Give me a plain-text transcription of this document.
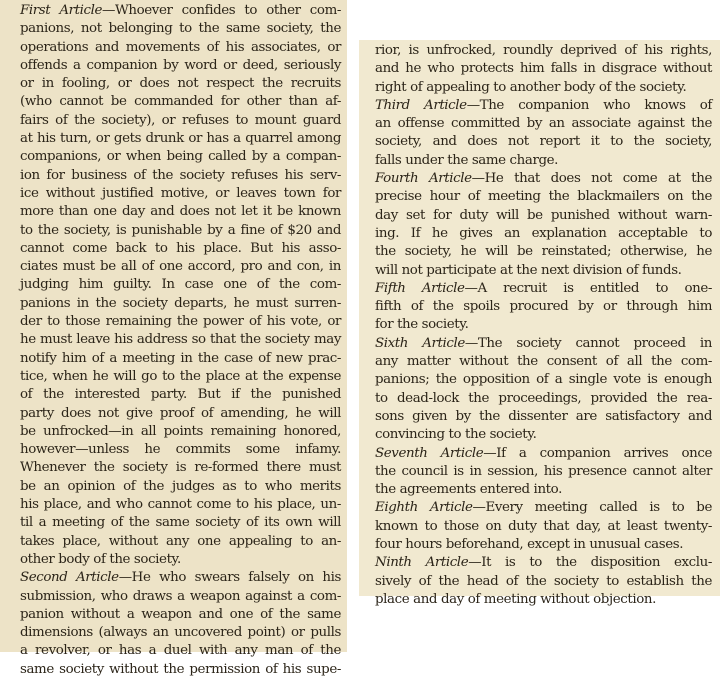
First Article—Whoever confides to other com-

panions, not belonging to the same society, the

operations and movements of his associates, or

offends a companion by word or deed, seriously

or in fooling, or does not respect the recruits

(who cannot be commanded for other than af-

fairs of the society), or refuses to mount guard

at his turn, or gets drunk or has a quarrel among

companions, or when being called by a compan-

ion for business of the society refuses his serv-

ice without justified motive, or leaves town for

more than one day and does not let it be known

to the society, is punishable by a fine of $20 and

cannot come back to his place. But his asso-

ciates must be all of one accord, pro and con, in

judging him guilty. In case one of the com-

panions in the society departs, he must surren-

der to those remaining the power of his vote, or

he must leave his address so that the society may

notify him of a meeting in the case of new prac-

tice, when he will go to the place at the expense

of the interested party. But if the punished

party does not give proof of amending, he will

be unfrocked—in all points remaining honored,

however—unless he commits some infamy.

Whenever the society is re-formed there must

be an opinion of the judges as to who merits

his place, and who cannot come to his place, un-

til a meeting of the same society of its own will

takes place, without any one appealing to an-

other body of the society.

Second Article—He who swears falsely on his

submission, who draws a weapon against a com-

panion without a weapon and one of the same

dimensions (always an uncovered point) or pulls

a revolver, or has a duel with any man of the

same society without the permission of his supe-

rior, is unfrocked, roundly deprived of his rights,

and he who protects him falls in disgrace without

right of appealing to another body of the society.

Third Article—The companion who knows of

an offense committed by an associate against the

society, and does not report it to the society,

falls under the same charge.

Fourth Article—He that does not come at the

precise hour of meeting the blackmailers on the

day set for duty will be punished without warn-

ing. If he gives an explanation acceptable to

the society, he will be reinstated; otherwise, he

will not participate at the next division of funds.

Fifth Article—A recruit is entitled to one-

fifth of the spoils procured by or through him

for the society.

Sixth Article—The society cannot proceed in

any matter without the consent of all the com-

panions; the opposition of a single vote is enough

to dead-lock the proceedings, provided the rea-

sons given by the dissenter are satisfactory and

convincing to the society.

Seventh Article—If a companion arrives once

the council is in session, his presence cannot alter

the agreements entered into.

Eighth Article—Every meeting called is to be

known to those on duty that day, at least twenty-

four hours beforehand, except in unusual cases.

Ninth Article—It is to the disposition exclu-

sively of the head of the society to establish the

place and day of meeting without objection.
